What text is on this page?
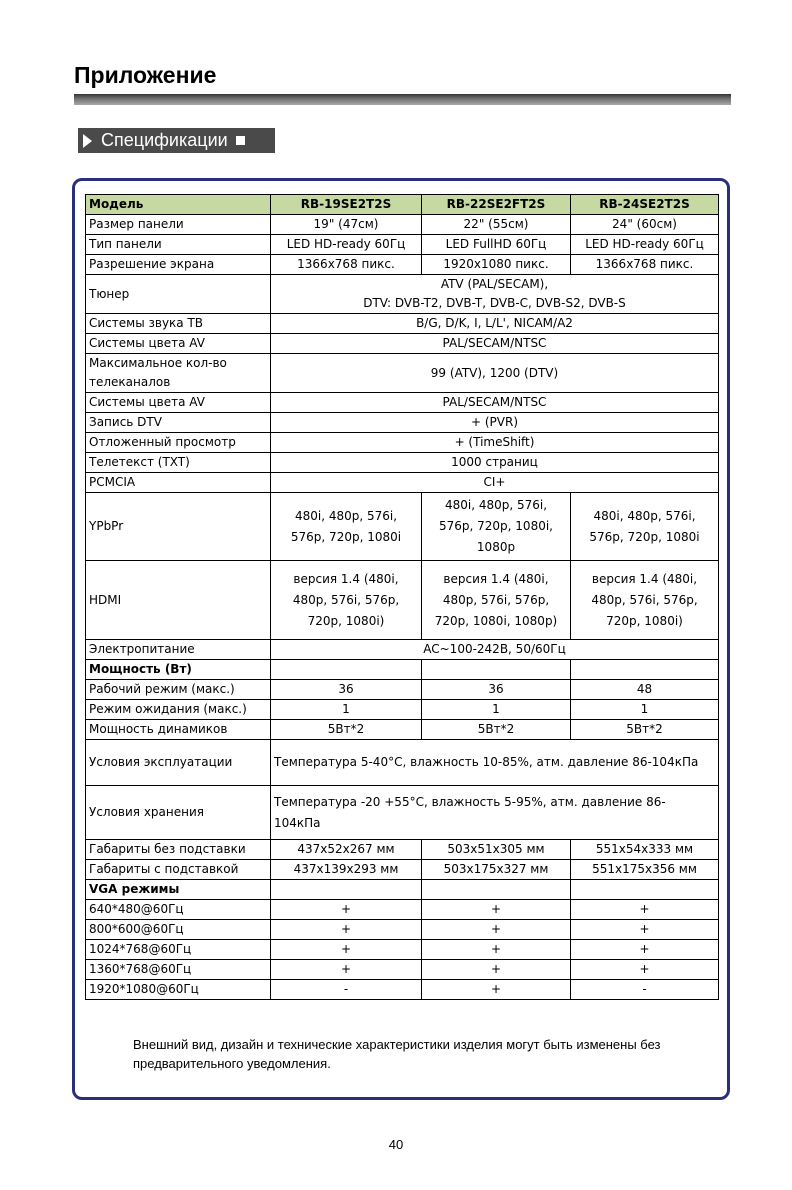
Приложение
Спецификации
Модель	RB-19SE2T2S	RB-22SE2FT2S	RB-24SE2T2S
Размер панели	19" (47см)	22" (55см)	24" (60см)
Тип панели	LED HD-ready 60Гц	LED FullHD 60Гц	LED HD-ready 60Гц
Разрешение экрана	1366x768 пикс.	1920x1080 пикс.	1366x768 пикс.
Тюнер	ATV (PAL/SECAM),
DTV: DVB-T2, DVB-T, DVB-C, DVB-S2, DVB-S		

Системы звука ТВ	B/G, D/K, I, L/L', NICAM/A2		
Системы цвета AV	PAL/SECAM/NTSC		
Максимальное кол-во телеканалов	99 (ATV), 1200 (DTV)		
Системы цвета AV	PAL/SECAM/NTSC		
Запись DTV	+ (PVR)		
Отложенный просмотр	+ (TimeShift)		
Телетекст (TXT)	1000 страниц		
PCMCIA	CI+		
YPbPr	480i, 480p, 576i, 576p, 720p, 1080i	480i, 480p, 576i, 576p, 720p, 1080i, 1080p	480i, 480p, 576i, 576p, 720p, 1080i
HDMI	версия 1.4 (480i, 480p, 576i, 576p, 720p, 1080i)	версия 1.4 (480i, 480p, 576i, 576p, 720p, 1080i, 1080p)	версия 1.4 (480i, 480p, 576i, 576p, 720p, 1080i)
Электропитание	AC~100-242В, 50/60Гц		
Мощность (Вт)			
Рабочий режим (макс.)	36	36	48
Режим ожидания (макс.)	1	1	1
Мощность динамиков	5Вт*2	5Вт*2	5Вт*2
Условия эксплуатации	Температура 5-40°С, влажность 10-85%, атм. давление 86-104кПа		
Условия хранения	Температура -20 +55°С, влажность 5-95%, атм. давление 86-104кПа		
Габариты без подставки	437x52x267 мм	503x51x305 мм	551x54x333 мм
Габариты с подставкой	437x139x293 мм	503x175x327 мм	551x175x356 мм
VGA режимы			
640*480@60Гц	+	+	+
800*600@60Гц	+	+	+
1024*768@60Гц	+	+	+
1360*768@60Гц	+	+	+
1920*1080@60Гц	-	+	-
Внешний вид, дизайн и технические характеристики изделия могут быть изменены без предварительного уведомления.
40
